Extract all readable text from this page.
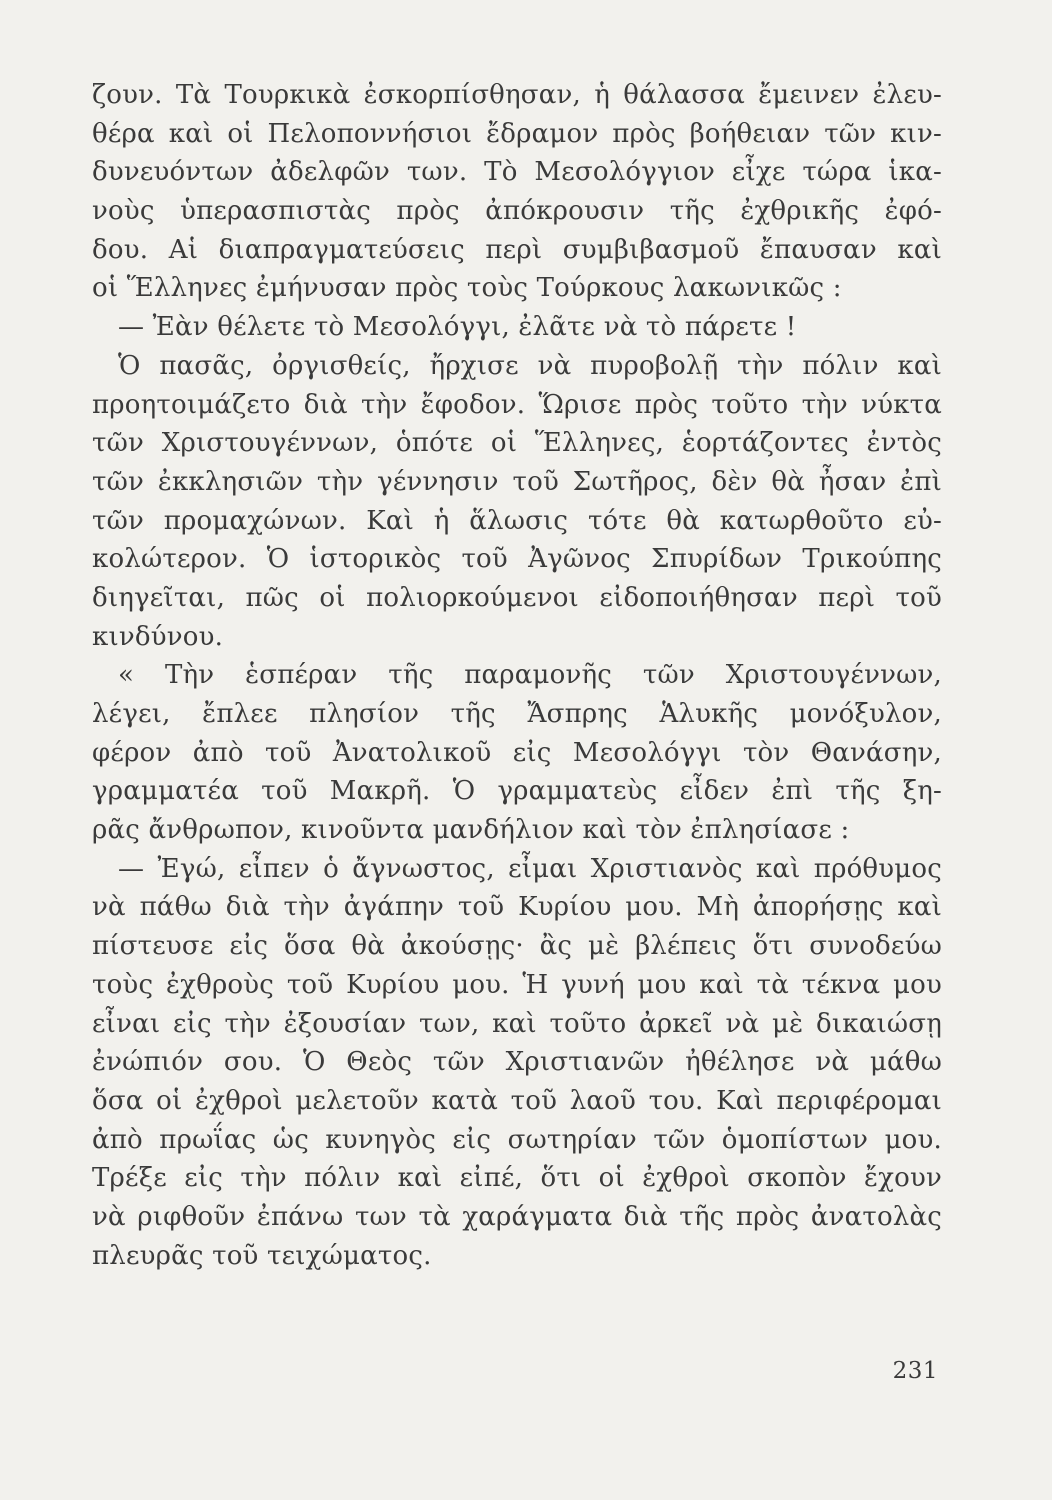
ζουν. Τὰ Τουρκικὰ ἐσκορπίσθησαν, ἡ θάλασσα ἔμεινεν ἐλευ-
θέρα καὶ οἱ Πελοποννήσιοι ἔδραμον πρὸς βοήθειαν τῶν κιν-
δυνευόντων ἀδελφῶν των. Τὸ Μεσολόγγιον εἶχε τώρα ἱκα-
νοὺς ὑπερασπιστὰς πρὸς ἀπόκρουσιν τῆς ἐχθρικῆς ἐφό-
δου. Αἱ διαπραγματεύσεις περὶ συμβιβασμοῦ ἔπαυσαν καὶ
οἱ Ἕλληνες ἐμήνυσαν πρὸς τοὺς Τούρκους λακωνικῶς :
— Ἐὰν θέλετε τὸ Μεσολόγγι, ἐλᾶτε νὰ τὸ πάρετε !
Ὁ πασᾶς, ὀργισθείς, ἤρχισε νὰ πυροβολῇ τὴν πόλιν καὶ
προητοιμάζετο διὰ τὴν ἔφοδον. Ὥρισε πρὸς τοῦτο τὴν νύκτα
τῶν Χριστουγέννων, ὁπότε οἱ Ἕλληνες, ἑορτάζοντες ἐντὸς
τῶν ἐκκλησιῶν τὴν γέννησιν τοῦ Σωτῆρος, δὲν θὰ ἦσαν ἐπὶ
τῶν προμαχώνων. Καὶ ἡ ἅλωσις τότε θὰ κατωρθοῦτο εὐ-
κολώτερον. Ὁ ἱστορικὸς τοῦ Ἀγῶνος Σπυρίδων Τρικούπης
διηγεῖται, πῶς οἱ πολιορκούμενοι εἰδοποιήθησαν περὶ τοῦ
κινδύνου.
« Τὴν ἑσπέραν τῆς παραμονῆς τῶν Χριστουγέννων,
λέγει, ἔπλεε πλησίον τῆς Ἄσπρης Ἁλυκῆς μονόξυλον,
φέρον ἀπὸ τοῦ Ἀνατολικοῦ εἰς Μεσολόγγι τὸν Θανάσην,
γραμματέα τοῦ Μακρῆ. Ὁ γραμματεὺς εἶδεν ἐπὶ τῆς ξη-
ρᾶς ἄνθρωπον, κινοῦντα μανδήλιον καὶ τὸν ἐπλησίασε :
— Ἐγώ, εἶπεν ὁ ἄγνωστος, εἶμαι Χριστιανὸς καὶ πρόθυμος
νὰ πάθω διὰ τὴν ἀγάπην τοῦ Κυρίου μου. Μὴ ἀπορήσῃς καὶ
πίστευσε εἰς ὅσα θὰ ἀκούσῃς· ἂς μὲ βλέπεις ὅτι συνοδεύω
τοὺς ἐχθροὺς τοῦ Κυρίου μου. Ἡ γυνή μου καὶ τὰ τέκνα μου
εἶναι εἰς τὴν ἐξουσίαν των, καὶ τοῦτο ἀρκεῖ νὰ μὲ δικαιώσῃ
ἐνώπιόν σου. Ὁ Θεὸς τῶν Χριστιανῶν ἠθέλησε νὰ μάθω
ὅσα οἱ ἐχθροὶ μελετοῦν κατὰ τοῦ λαοῦ του. Καὶ περιφέρομαι
ἀπὸ πρωΐας ὡς κυνηγὸς εἰς σωτηρίαν τῶν ὁμοπίστων μου.
Τρέξε εἰς τὴν πόλιν καὶ εἰπέ, ὅτι οἱ ἐχθροὶ σκοπὸν ἔχουν
νὰ ριφθοῦν ἐπάνω των τὰ χαράγματα διὰ τῆς πρὸς ἀνατολὰς
πλευρᾶς τοῦ τειχώματος.
231
